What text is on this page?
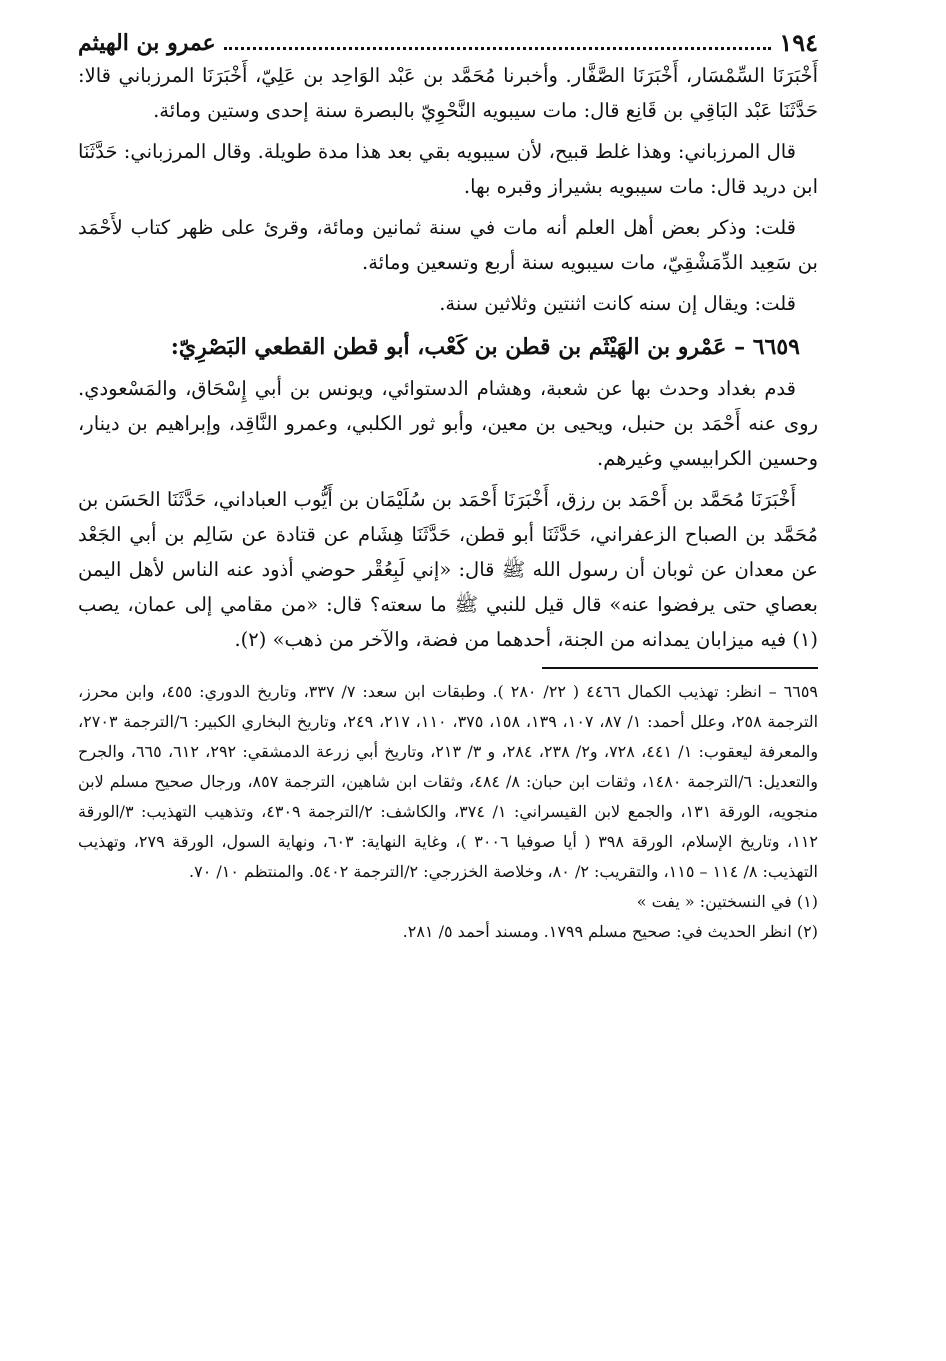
١٩٤
عمرو بن الهيثم

أَخْبَرَنَا السِّمْسَار، أَخْبَرَنَا الصَّفَّار. وأخبرنا مُحَمَّد بن عَبْد الوَاحِد بن عَلِيّ، أَخْبَرَنَا المرزباني قالا: حَدَّثَنَا عَبْد البَاقِي بن قَانِع قال: مات سيبويه النَّحْوِيّ بالبصرة سنة إحدى وستين ومائة.

قال المرزباني: وهذا غلط قبيح، لأن سيبويه بقي بعد هذا مدة طويلة. وقال المرزباني: حَدَّثَنَا ابن دريد قال: مات سيبويه بشيراز وقبره بها.

قلت: وذكر بعض أهل العلم أنه مات في سنة ثمانين ومائة، وقرئ على ظهر كتاب لأَحْمَد بن سَعِيد الدِّمَشْقِيّ، مات سيبويه سنة أربع وتسعين ومائة.

قلت: ويقال إن سنه كانت اثنتين وثلاثين سنة.

٦٦٥٩ – عَمْرو بن الهَيْثَم بن قطن بن كَعْب، أبو قطن القطعي البَصْرِيّ:

قدم بغداد وحدث بها عن شعبة، وهشام الدستوائي، ويونس بن أبي إِسْحَاق، والمَسْعودي. روى عنه أَحْمَد بن حنبل، ويحيى بن معين، وأبو ثور الكلبي، وعمرو النَّاقِد، وإبراهيم بن دينار، وحسين الكرابيسي وغيرهم.

أَخْبَرَنَا مُحَمَّد بن أَحْمَد بن رزق، أَخْبَرَنَا أَحْمَد بن سُلَيْمَان بن أَيُّوب العباداني، حَدَّثَنَا الحَسَن بن مُحَمَّد بن الصباح الزعفراني، حَدَّثَنَا أبو قطن، حَدَّثَنَا هِشَام عن قتادة عن سَالِم بن أبي الجَعْد عن معدان عن ثوبان أن رسول الله ﷺ قال: «إني لَبِعُقْر حوضي أذود عنه الناس لأهل اليمن بعصاي حتى يرفضوا عنه» قال قيل للنبي ﷺ ما سعته؟ قال: «من مقامي إلى عمان، يصب (١) فيه ميزابان يمدانه من الجنة، أحدهما من فضة، والآخر من ذهب» (٢).

٦٦٥٩ – انظر: تهذيب الكمال ٤٤٦٦ ( ٢٢/ ٢٨٠ ). وطبقات ابن سعد: ٧/ ٣٣٧، وتاريخ الدوري: ٤٥٥، وابن محرز، الترجمة ٢٥٨، وعلل أحمد: ١/ ٨٧، ١٠٧، ١٣٩، ١٥٨، ٣٧٥، ١١٠، ٢١٧، ٢٤٩، وتاريخ البخاري الكبير: ٦/الترجمة ٢٧٠٣، والمعرفة ليعقوب: ١/ ٤٤١، ٧٢٨، و٢/ ٢٣٨، ٢٨٤، و ٣/ ٢١٣، وتاريخ أبي زرعة الدمشقي: ٢٩٢، ٦١٢، ٦٦٥، والجرح والتعديل: ٦/الترجمة ١٤٨٠، وثقات ابن حبان: ٨/ ٤٨٤، وثقات ابن شاهين، الترجمة ٨٥٧، ورجال صحيح مسلم لابن منجويه، الورقة ١٣١، والجمع لابن القيسراني: ١/ ٣٧٤، والكاشف: ٢/الترجمة ٤٣٠٩، وتذهيب التهذيب: ٣/الورقة ١١٢، وتاريخ الإسلام، الورقة ٣٩٨ ( أيا صوفيا ٣٠٠٦ )، وغاية النهاية: ٦٠٣، ونهاية السول، الورقة ٢٧٩، وتهذيب التهذيب: ٨/ ١١٤ – ١١٥، والتقريب: ٢/ ٨٠، وخلاصة الخزرجي: ٢/الترجمة ٥٤٠٢. والمنتظم ١٠/ ٧٠.

(١) في النسختين: « يفت »

(٢) انظر الحديث في: صحيح مسلم ١٧٩٩. ومسند أحمد ٥/ ٢٨١.
